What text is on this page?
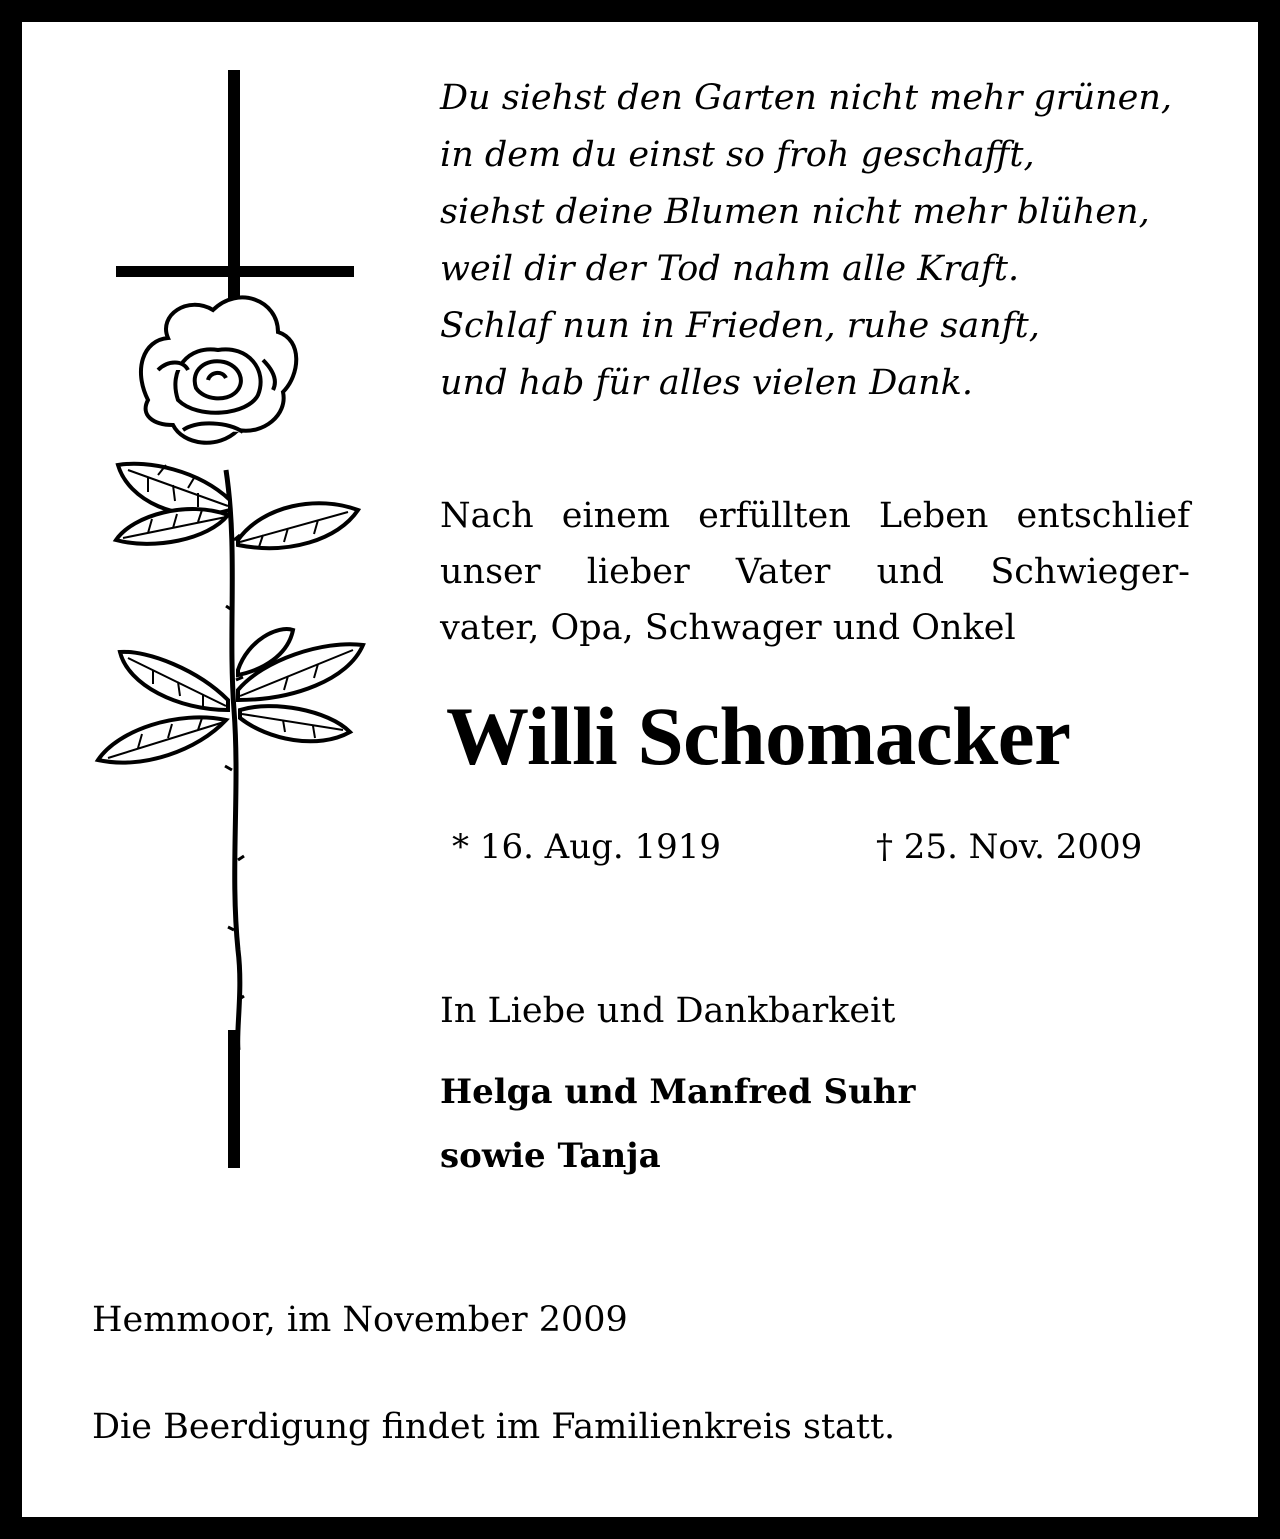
Du siehst den Garten nicht mehr grünen,
in dem du einst so froh geschafft,
siehst deine Blumen nicht mehr blühen,
weil dir der Tod nahm alle Kraft.
Schlaf nun in Frieden, ruhe sanft,
und hab für alles vielen Dank.
Nach einem erfüllten Leben entschlief
unser lieber Vater und Schwieger-
vater, Opa, Schwager und Onkel
Willi Schomacker
* 16. Aug. 1919	† 25. Nov. 2009
In Liebe und Dankbarkeit
Helga und Manfred Suhr
sowie Tanja
Hemmoor, im November 2009
Die Beerdigung findet im Familienkreis statt.
